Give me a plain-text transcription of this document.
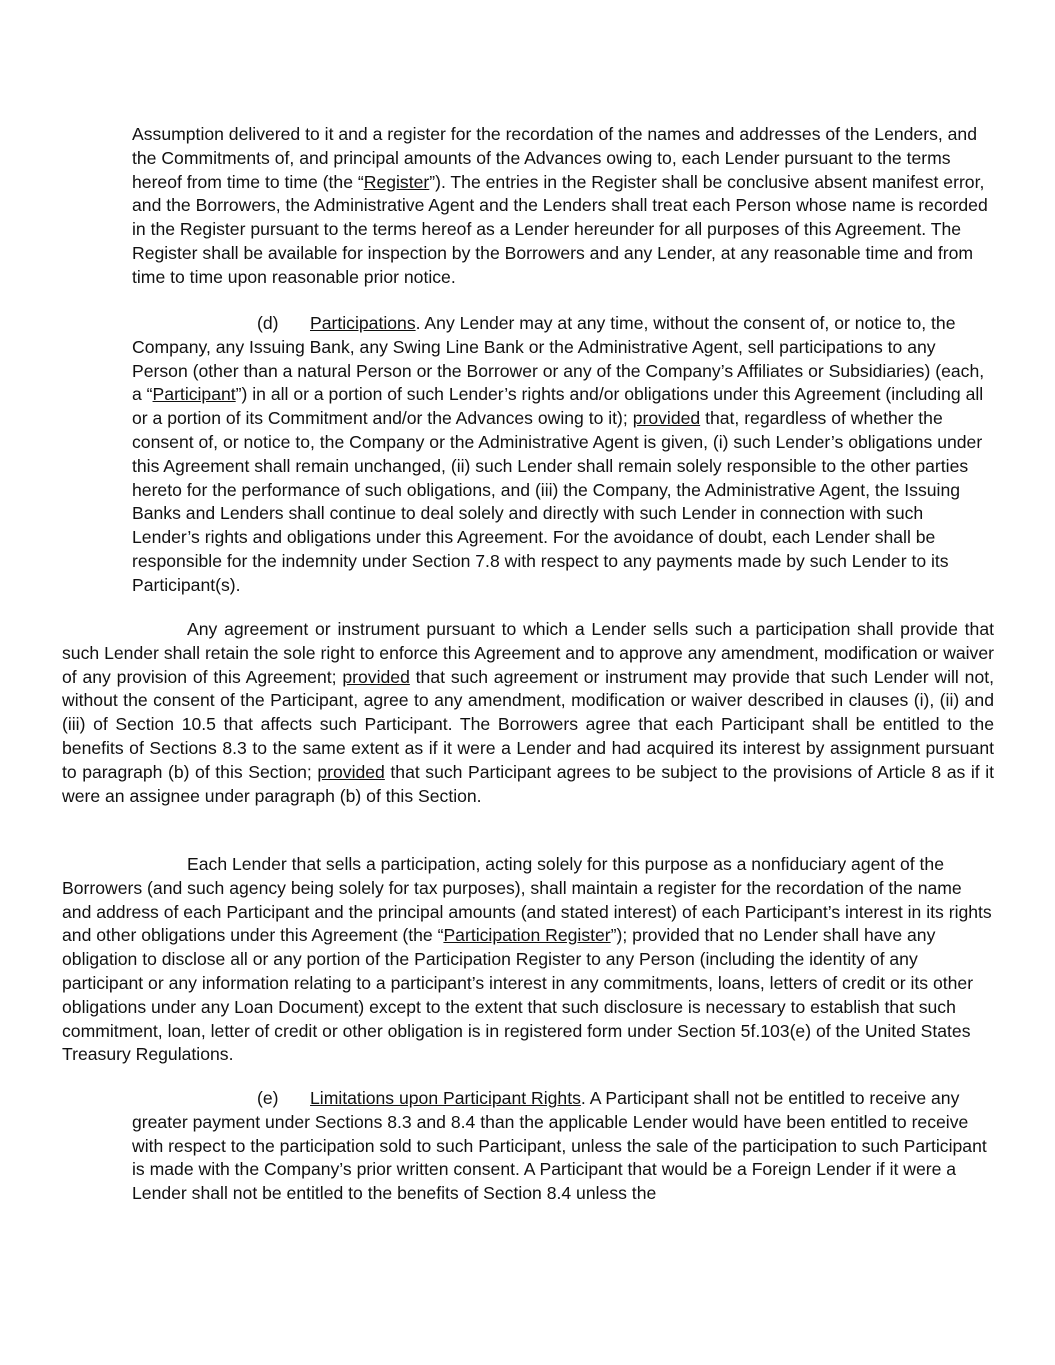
Assumption delivered to it and a register for the recordation of the names and addresses of the Lenders, and the Commitments of, and principal amounts of the Advances owing to, each Lender pursuant to the terms hereof from time to time (the “Register”). The entries in the Register shall be conclusive absent manifest error, and the Borrowers, the Administrative Agent and the Lenders shall treat each Person whose name is recorded in the Register pursuant to the terms hereof as a Lender hereunder for all purposes of this Agreement. The Register shall be available for inspection by the Borrowers and any Lender, at any reasonable time and from time to time upon reasonable prior notice.

(d) Participations. Any Lender may at any time, without the consent of, or notice to, the Company, any Issuing Bank, any Swing Line Bank or the Administrative Agent, sell participations to any Person (other than a natural Person or the Borrower or any of the Company’s Affiliates or Subsidiaries) (each, a “Participant”) in all or a portion of such Lender’s rights and/or obligations under this Agreement (including all or a portion of its Commitment and/or the Advances owing to it); provided that, regardless of whether the consent of, or notice to, the Company or the Administrative Agent is given, (i) such Lender’s obligations under this Agreement shall remain unchanged, (ii) such Lender shall remain solely responsible to the other parties hereto for the performance of such obligations, and (iii) the Company, the Administrative Agent, the Issuing Banks and Lenders shall continue to deal solely and directly with such Lender in connection with such Lender’s rights and obligations under this Agreement. For the avoidance of doubt, each Lender shall be responsible for the indemnity under Section 7.8 with respect to any payments made by such Lender to its Participant(s).

Any agreement or instrument pursuant to which a Lender sells such a participation shall provide that such Lender shall retain the sole right to enforce this Agreement and to approve any amendment, modification or waiver of any provision of this Agreement; provided that such agreement or instrument may provide that such Lender will not, without the consent of the Participant, agree to any amendment, modification or waiver described in clauses (i), (ii) and (iii) of Section 10.5 that affects such Participant. The Borrowers agree that each Participant shall be entitled to the benefits of Sections 8.3 to the same extent as if it were a Lender and had acquired its interest by assignment pursuant to paragraph (b) of this Section; provided that such Participant agrees to be subject to the provisions of Article 8 as if it were an assignee under paragraph (b) of this Section.

Each Lender that sells a participation, acting solely for this purpose as a nonfiduciary agent of the Borrowers (and such agency being solely for tax purposes), shall maintain a register for the recordation of the name and address of each Participant and the principal amounts (and stated interest) of each Participant’s interest in its rights and other obligations under this Agreement (the “Participation Register”); provided that no Lender shall have any obligation to disclose all or any portion of the Participation Register to any Person (including the identity of any participant or any information relating to a participant’s interest in any commitments, loans, letters of credit or its other obligations under any Loan Document) except to the extent that such disclosure is necessary to establish that such commitment, loan, letter of credit or other obligation is in registered form under Section 5f.103(e) of the United States Treasury Regulations.

(e) Limitations upon Participant Rights. A Participant shall not be entitled to receive any greater payment under Sections 8.3 and 8.4 than the applicable Lender would have been entitled to receive with respect to the participation sold to such Participant, unless the sale of the participation to such Participant is made with the Company’s prior written consent. A Participant that would be a Foreign Lender if it were a Lender shall not be entitled to the benefits of Section 8.4 unless the
